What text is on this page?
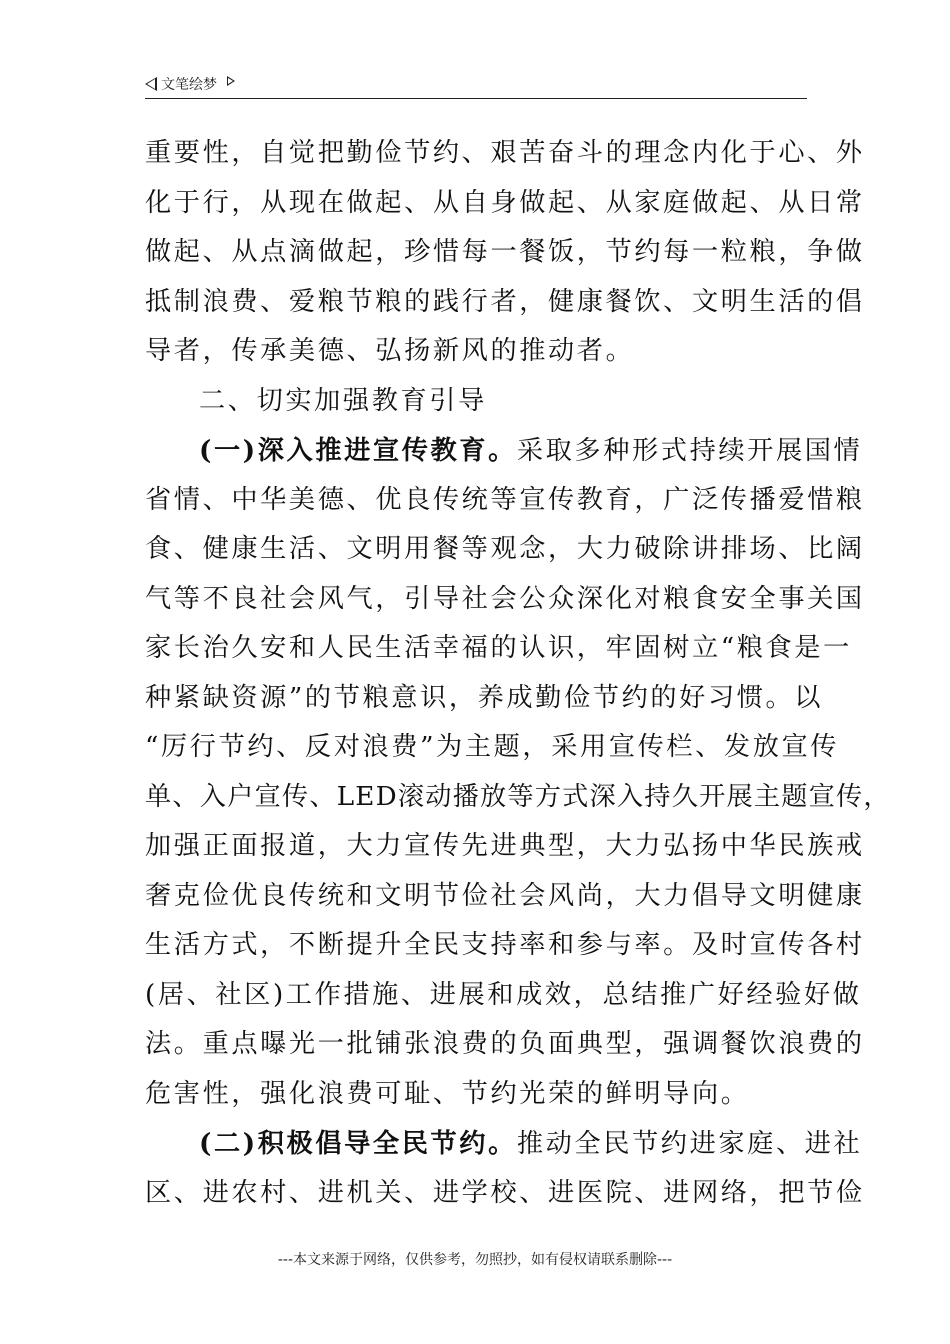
文笔绘梦
重要性，自觉把勤俭节约、艰苦奋斗的理念内化于心、外
化于行，从现在做起、从自身做起、从家庭做起、从日常
做起、从点滴做起，珍惜每一餐饭，节约每一粒粮，争做
抵制浪费、爱粮节粮的践行者，健康餐饮、文明生活的倡
导者，传承美德、弘扬新风的推动者。
二、切实加强教育引导
(一)深入推进宣传教育。采取多种形式持续开展国情
省情、中华美德、优良传统等宣传教育，广泛传播爱惜粮
食、健康生活、文明用餐等观念，大力破除讲排场、比阔
气等不良社会风气，引导社会公众深化对粮食安全事关国
家长治久安和人民生活幸福的认识，牢固树立“粮食是一
种紧缺资源”的节粮意识，养成勤俭节约的好习惯。以
“厉行节约、反对浪费”为主题，采用宣传栏、发放宣传
单、入户宣传、LED滚动播放等方式深入持久开展主题宣传，
加强正面报道，大力宣传先进典型，大力弘扬中华民族戒
奢克俭优良传统和文明节俭社会风尚，大力倡导文明健康
生活方式，不断提升全民支持率和参与率。及时宣传各村
(居、社区)工作措施、进展和成效，总结推广好经验好做
法。重点曝光一批铺张浪费的负面典型，强调餐饮浪费的
危害性，强化浪费可耻、节约光荣的鲜明导向。
(二)积极倡导全民节约。推动全民节约进家庭、进社
区、进农村、进机关、进学校、进医院、进网络，把节俭
---本文来源于网络，仅供参考，勿照抄，如有侵权请联系删除---
